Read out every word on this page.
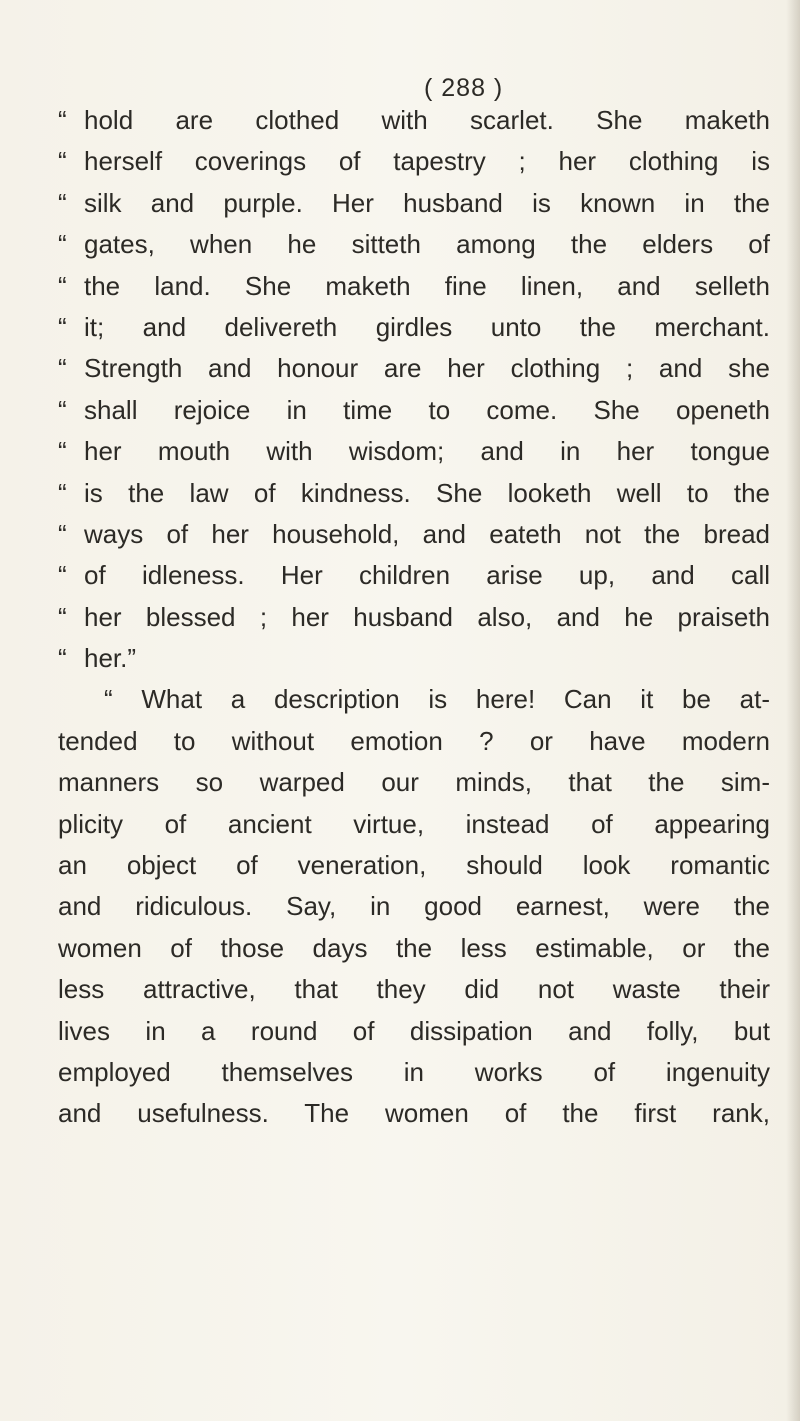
( 288 )
“ hold are clothed with scarlet. She maketh
“ herself coverings of tapestry ; her clothing is
“ silk and purple. Her husband is known in the
“ gates, when he sitteth among the elders of
“ the land. She maketh fine linen, and selleth
“ it; and delivereth girdles unto the merchant.
“ Strength and honour are her clothing ; and she
“ shall rejoice in time to come. She openeth
“ her mouth with wisdom; and in her tongue
“ is the law of kindness. She looketh well to the
“ ways of her household, and eateth not the bread
“ of idleness. Her children arise up, and call
“ her blessed ; her husband also, and he praiseth
“ her.”
“ What a description is here! Can it be at-
tended to without emotion ? or have modern
manners so warped our minds, that the sim-
plicity of ancient virtue, instead of appearing
an object of veneration, should look romantic
and ridiculous. Say, in good earnest, were the
women of those days the less estimable, or the
less attractive, that they did not waste their
lives in a round of dissipation and folly, but
employed themselves in works of ingenuity
and usefulness. The women of the first rank,
